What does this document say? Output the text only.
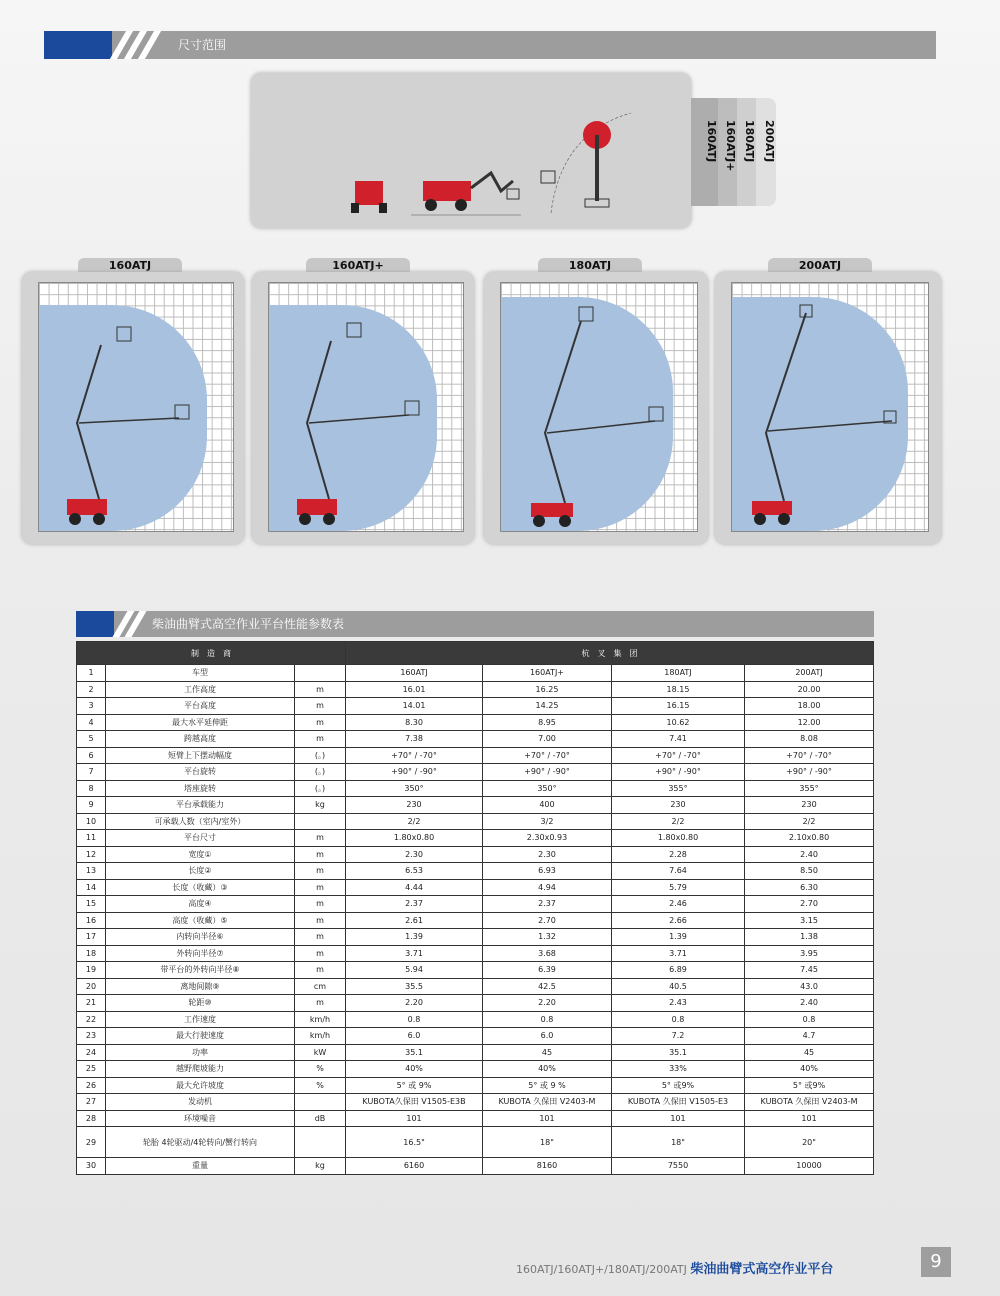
尺寸范围
200ATJ
180ATJ
160ATJ+
160ATJ
160ATJ	160ATJ+	180ATJ	200ATJ
柴油曲臂式高空作业平台性能参数表
制　造　商			杭　叉　集　团			
1	车型		160ATJ	160ATJ+	180ATJ	200ATJ
2	工作高度	m	16.01	16.25	18.15	20.00
3	平台高度	m	14.01	14.25	16.15	18.00
4	最大水平延伸距	m	8.30	8.95	10.62	12.00
5	跨越高度	m	7.38	7.00	7.41	8.08
6	短臂上下摆动幅度	(。)	+70° / -70°	+70° / -70°	+70° / -70°	+70° / -70°
7	平台旋转	(。)	+90° / -90°	+90° / -90°	+90° / -90°	+90° / -90°
8	塔座旋转	(。)	350°	350°	355°	355°
9	平台承载能力	kg	230	400	230	230
10	可承载人数（室内/室外）		2/2	3/2	2/2	2/2
11	平台尺寸	m	1.80x0.80	2.30x0.93	1.80x0.80	2.10x0.80
12	宽度①	m	2.30	2.30	2.28	2.40
13	长度②	m	6.53	6.93	7.64	8.50
14	长度（收藏）③	m	4.44	4.94	5.79	6.30
15	高度④	m	2.37	2.37	2.46	2.70
16	高度（收藏）⑤	m	2.61	2.70	2.66	3.15
17	内转向半径⑥	m	1.39	1.32	1.39	1.38
18	外转向半径⑦	m	3.71	3.68	3.71	3.95
19	带平台的外转向半径⑧	m	5.94	6.39	6.89	7.45
20	离地间隙⑨	cm	35.5	42.5	40.5	43.0
21	轮距⑩	m	2.20	2.20	2.43	2.40
22	工作速度	km/h	0.8	0.8	0.8	0.8
23	最大行驶速度	km/h	6.0	6.0	7.2	4.7
24	功率	kW	35.1	45	35.1	45
25	越野爬坡能力	%	40%	40%	33%	40%
26	最大允许坡度	%	5° 或 9%	5° 或 9 %	5° 或9%	5° 或9%
27	发动机		KUBOTA久保田 V1505-E3B	KUBOTA 久保田 V2403-M	KUBOTA 久保田 V1505-E3	KUBOTA 久保田 V2403-M
28	环境噪音	dB	101	101	101	101
29	轮胎 4轮驱动/4轮转向/蟹行转向		16.5"	18"	18"	20"
30	重量	kg	6160	8160	7550	10000
160ATJ/160ATJ+/180ATJ/200ATJ 柴油曲臂式高空作业平台	9
